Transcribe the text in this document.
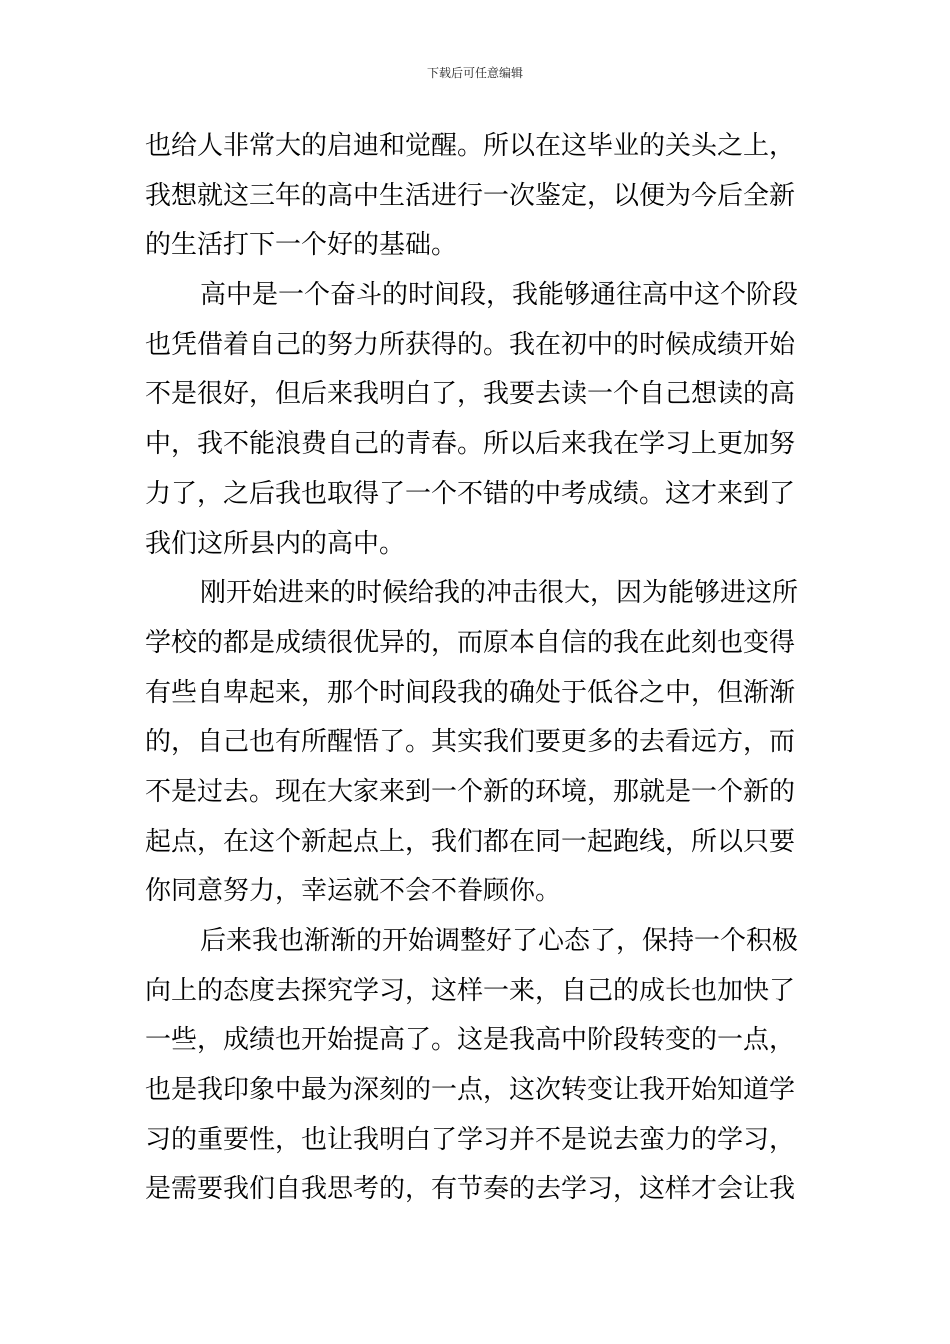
下载后可任意编辑
也给人非常大的启迪和觉醒。所以在这毕业的关头之上，
我想就这三年的高中生活进行一次鉴定，以便为今后全新
的生活打下一个好的基础。
高中是一个奋斗的时间段，我能够通往高中这个阶段
也凭借着自己的努力所获得的。我在初中的时候成绩开始
不是很好，但后来我明白了，我要去读一个自己想读的高
中，我不能浪费自己的青春。所以后来我在学习上更加努
力了，之后我也取得了一个不错的中考成绩。这才来到了
我们这所县内的高中。
刚开始进来的时候给我的冲击很大，因为能够进这所
学校的都是成绩很优异的，而原本自信的我在此刻也变得
有些自卑起来，那个时间段我的确处于低谷之中，但渐渐
的，自己也有所醒悟了。其实我们要更多的去看远方，而
不是过去。现在大家来到一个新的环境，那就是一个新的
起点，在这个新起点上，我们都在同一起跑线，所以只要
你同意努力，幸运就不会不眷顾你。
后来我也渐渐的开始调整好了心态了，保持一个积极
向上的态度去探究学习，这样一来，自己的成长也加快了
一些，成绩也开始提高了。这是我高中阶段转变的一点，
也是我印象中最为深刻的一点，这次转变让我开始知道学
习的重要性，也让我明白了学习并不是说去蛮力的学习，
是需要我们自我思考的，有节奏的去学习，这样才会让我
